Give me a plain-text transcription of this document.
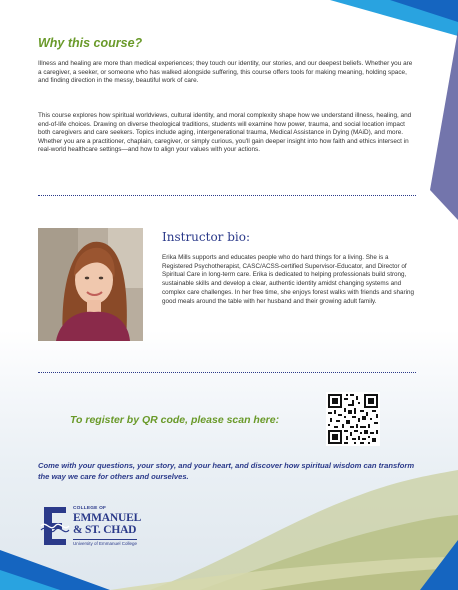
Why this course?

Illness and healing are more than medical experiences; they touch our identity, our stories, and our deepest beliefs. Whether you are a caregiver, a seeker, or someone who has walked alongside suffering, this course offers tools for making meaning, holding space, and finding direction in the messy, beautiful work of care.

This course explores how spiritual worldviews, cultural identity, and moral complexity shape how we understand illness, healing, and end-of-life choices. Drawing on diverse theological traditions, students will examine how power, trauma, and social location impact both caregivers and care seekers. Topics include aging, intergenerational trauma, Medical Assistance in Dying (MAiD), and more. Whether you are a practitioner, chaplain, caregiver, or simply curious, you'll gain deeper insight into how faith and ethics intersect in real-world healthcare settings—and how to align your values with your actions.

Instructor bio:

Erika Mills supports and educates people who do hard things for a living. She is a Registered Psychotherapist, CASC/ACSS-certified Supervisor-Educator, and Director of Spiritual Care in long-term care. Erika is dedicated to helping professionals build strong, sustainable skills and develop a clear, authentic identity amidst changing systems and complex care challenges. In her free time, she enjoys forest walks with friends and sharing good meals around the table with her husband and their growing adult family.

To register by QR code, please scan here:

Come with your questions, your story, and your heart, and discover how spiritual wisdom can transform the way we care for others and ourselves.

COLLEGE OF
EMMANUEL
& ST. CHAD
University of Emmanuel College
